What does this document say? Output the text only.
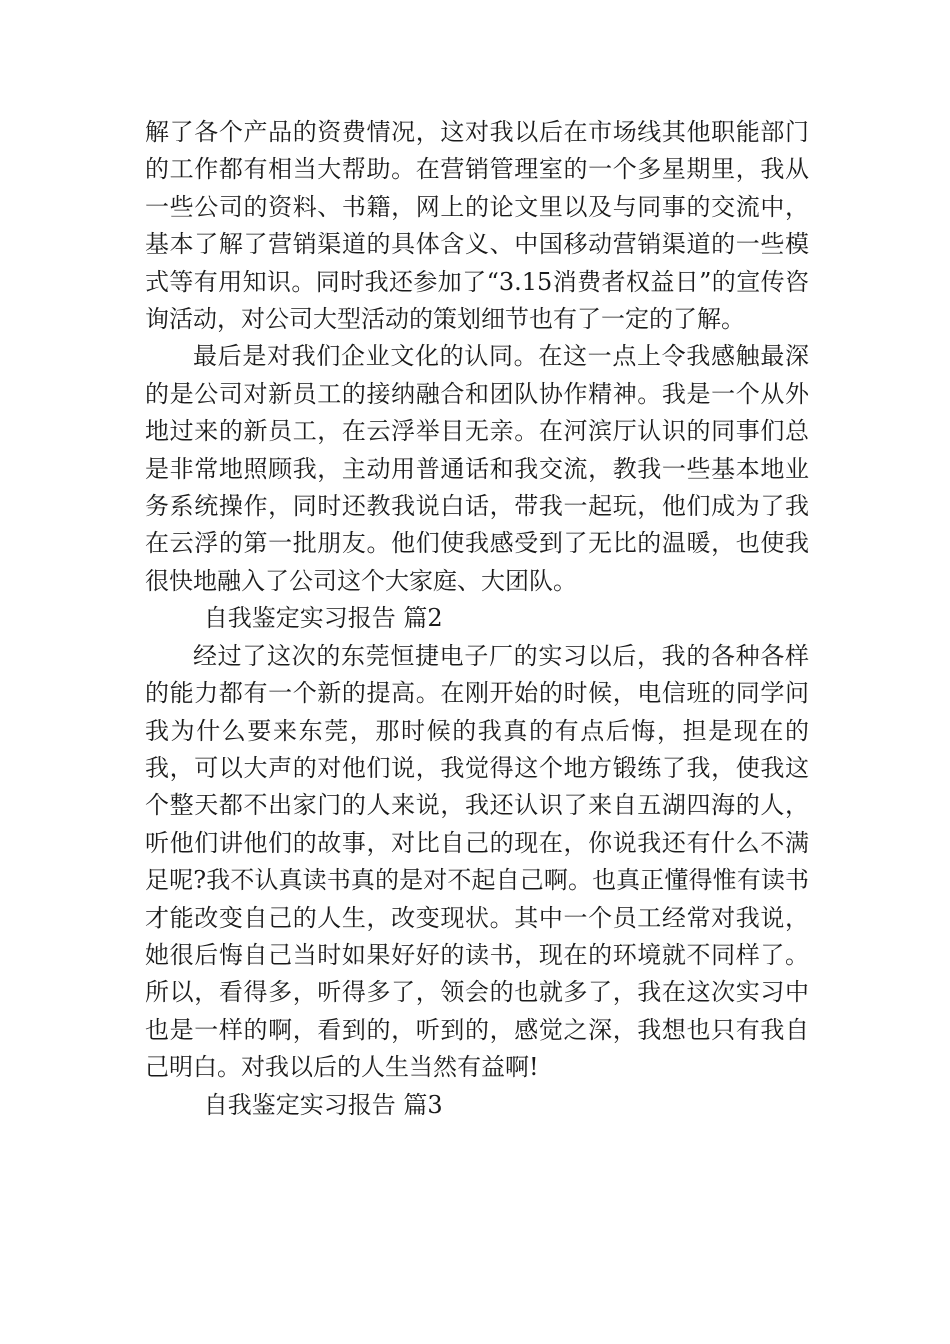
解了各个产品的资费情况，这对我以后在市场线其他职能部门的工作都有相当大帮助。在营销管理室的一个多星期里，我从一些公司的资料、书籍，网上的论文里以及与同事的交流中，基本了解了营销渠道的具体含义、中国移动营销渠道的一些模式等有用知识。同时我还参加了“3.15消费者权益日”的宣传咨询活动，对公司大型活动的策划细节也有了一定的了解。

最后是对我们企业文化的认同。在这一点上令我感触最深的是公司对新员工的接纳融合和团队协作精神。我是一个从外地过来的新员工，在云浮举目无亲。在河滨厅认识的同事们总是非常地照顾我，主动用普通话和我交流，教我一些基本地业务系统操作，同时还教我说白话，带我一起玩，他们成为了我在云浮的第一批朋友。他们使我感受到了无比的温暖，也使我很快地融入了公司这个大家庭、大团队。

自我鉴定实习报告 篇2

经过了这次的东莞恒捷电子厂的实习以后，我的各种各样的能力都有一个新的提高。在刚开始的时候，电信班的同学问我为什么要来东莞，那时候的我真的有点后悔，担是现在的我，可以大声的对他们说，我觉得这个地方锻练了我，使我这个整天都不出家门的人来说，我还认识了来自五湖四海的人，听他们讲他们的故事，对比自己的现在，你说我还有什么不满足呢?我不认真读书真的是对不起自己啊。也真正懂得惟有读书才能改变自己的人生，改变现状。其中一个员工经常对我说，她很后悔自己当时如果好好的读书，现在的环境就不同样了。所以，看得多，听得多了，领会的也就多了，我在这次实习中也是一样的啊，看到的，听到的，感觉之深，我想也只有我自己明白。对我以后的人生当然有益啊!

自我鉴定实习报告 篇3
